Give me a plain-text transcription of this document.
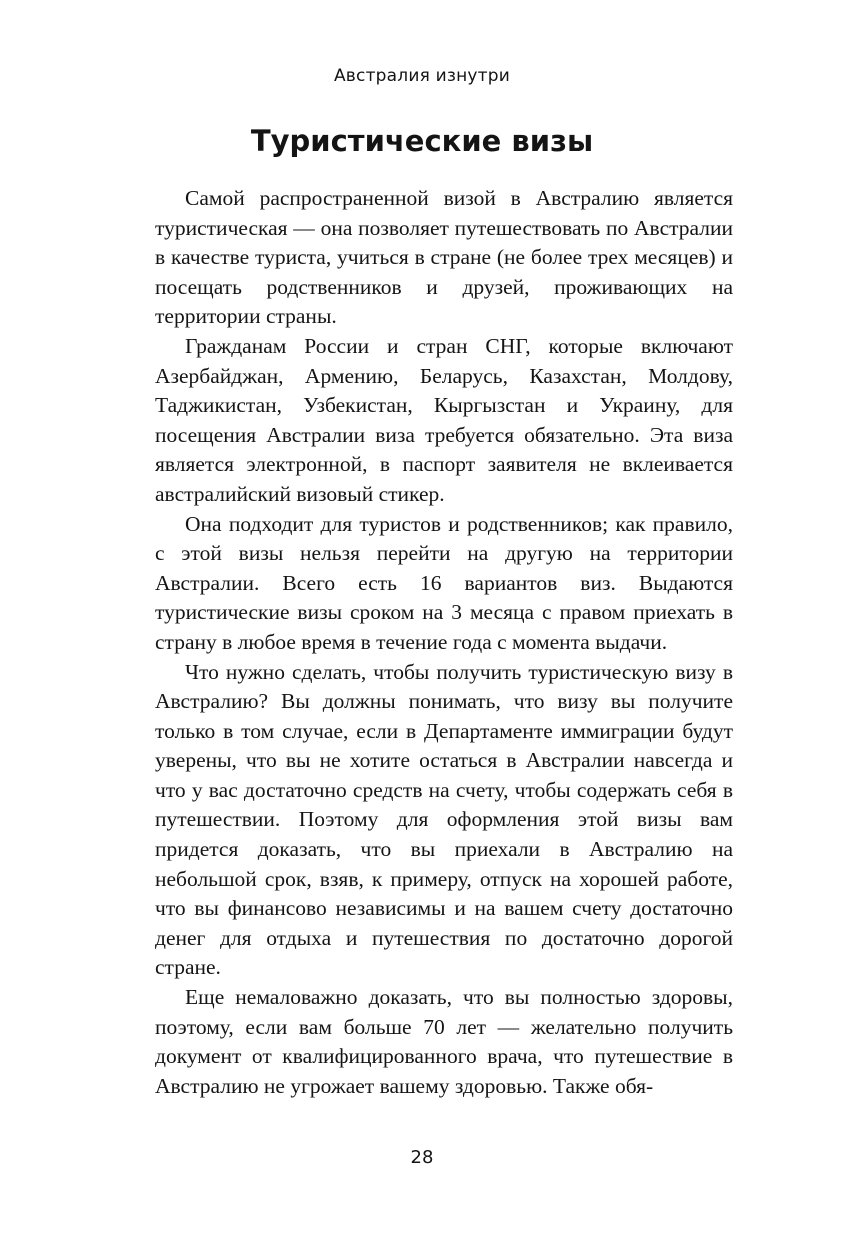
Австралия изнутри
Туристические визы

Самой распространенной визой в Австралию является туристическая — она позволяет путешествовать по Австралии в качестве туриста, учиться в стране (не более трех месяцев) и посещать родственников и друзей, проживающих на территории страны.

Гражданам России и стран СНГ, которые включают Азербайджан, Армению, Беларусь, Казахстан, Молдову, Таджикистан, Узбекистан, Кыргызстан и Украину, для посещения Австралии виза требуется обязательно. Эта виза является электронной, в паспорт заявителя не вклеивается австралийский визовый стикер.

Она подходит для туристов и родственников; как правило, с этой визы нельзя перейти на другую на территории Австралии. Всего есть 16 вариантов виз. Выдаются туристические визы сроком на 3 месяца с правом приехать в страну в любое время в течение года с момента выдачи.

Что нужно сделать, чтобы получить туристическую визу в Австралию? Вы должны понимать, что визу вы получите только в том случае, если в Департаменте иммиграции будут уверены, что вы не хотите остаться в Австралии навсегда и что у вас достаточно средств на счету, чтобы содержать себя в путешествии. Поэтому для оформления этой визы вам придется доказать, что вы приехали в Австралию на небольшой срок, взяв, к примеру, отпуск на хорошей работе, что вы финансово независимы и на вашем счету достаточно денег для отдыха и путешествия по достаточно дорогой стране.

Еще немаловажно доказать, что вы полностью здоровы, поэтому, если вам больше 70 лет — желательно получить документ от квалифицированного врача, что путешествие в Австралию не угрожает вашему здоровью. Также обя-

28
